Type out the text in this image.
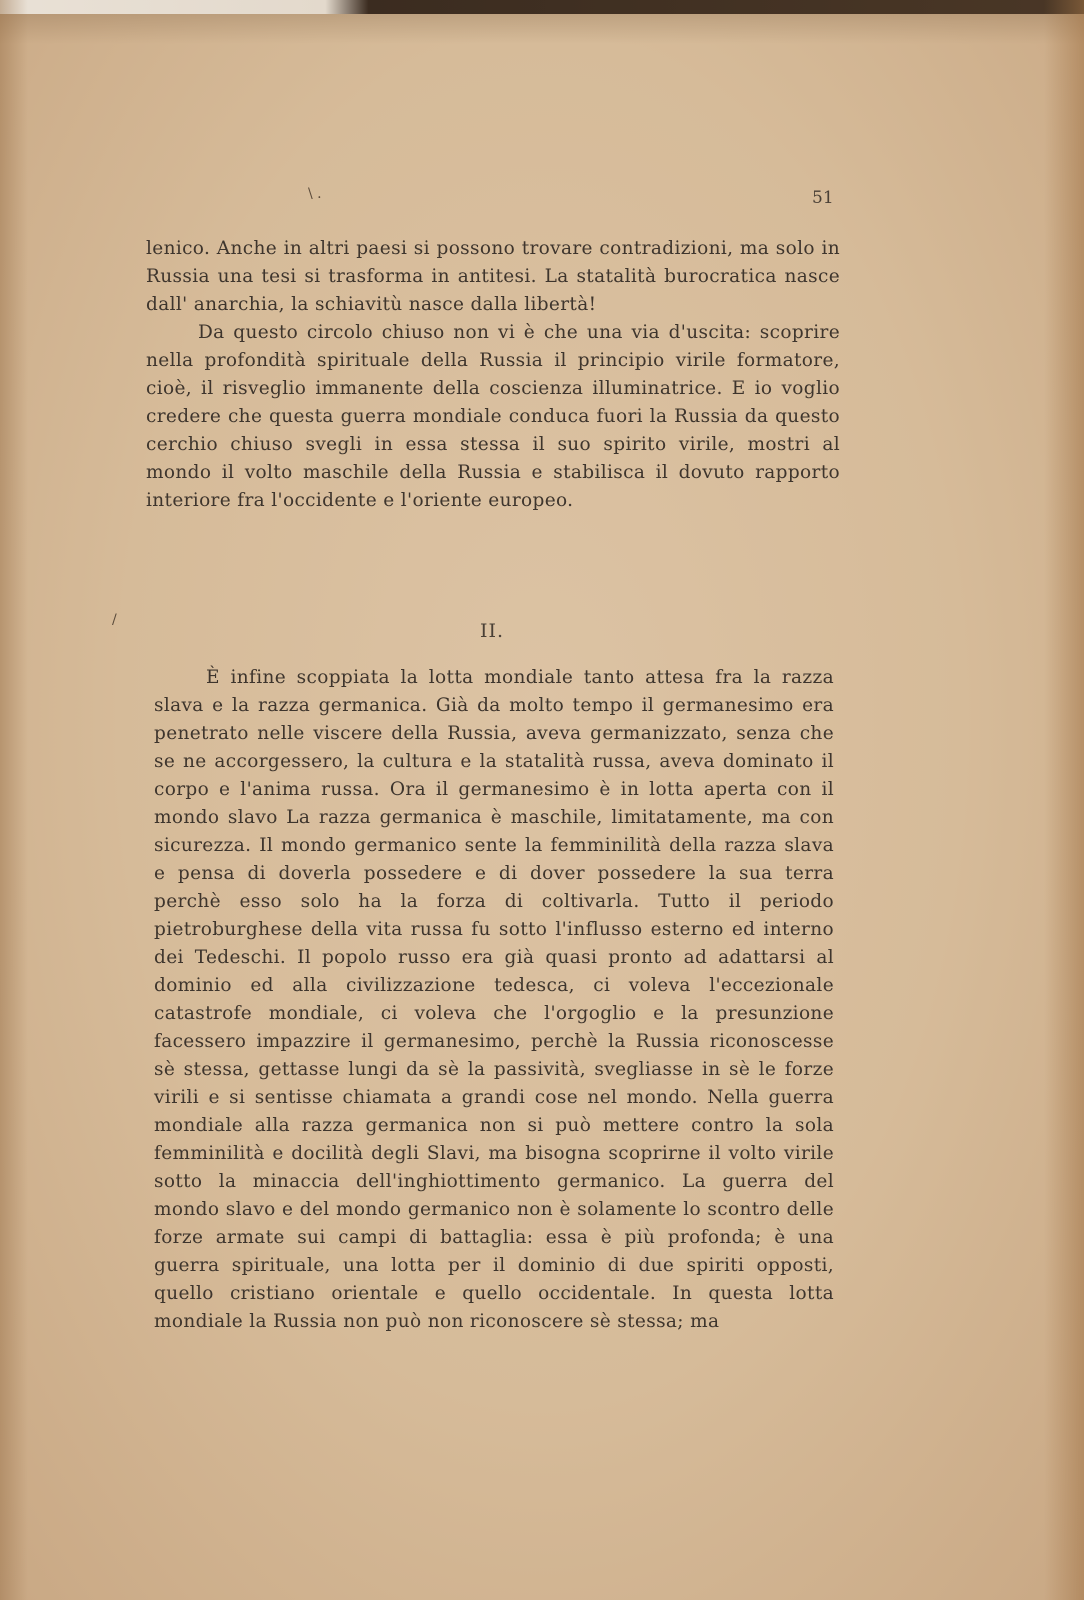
51

lenico. Anche in altri paesi si possono trovare contradizioni, ma solo in Russia una tesi si trasforma in antitesi. La statalità burocratica nasce dall' anarchia, la schiavitù nasce dalla libertà!

Da questo circolo chiuso non vi è che una via d'uscita: scoprire nella profondità spirituale della Russia il principio virile formatore, cioè, il risveglio immanente della coscienza illuminatrice. E io voglio credere che questa guerra mondiale conduca fuori la Russia da questo cerchio chiuso svegli in essa stessa il suo spirito virile, mostri al mondo il volto maschile della Russia e stabilisca il dovuto rapporto interiore fra l'occidente e l'oriente europeo.

II.

È infine scoppiata la lotta mondiale tanto attesa fra la razza slava e la razza germanica. Già da molto tempo il germanesimo era penetrato nelle viscere della Russia, aveva germanizzato, senza che se ne accorgessero, la cultura e la statalità russa, aveva dominato il corpo e l'anima russa. Ora il germanesimo è in lotta aperta con il mondo slavo La razza germanica è maschile, limitatamente, ma con sicurezza. Il mondo germanico sente la femminilità della razza slava e pensa di doverla possedere e di dover possedere la sua terra perchè esso solo ha la forza di coltivarla. Tutto il periodo pietroburghese della vita russa fu sotto l'influsso esterno ed interno dei Tedeschi. Il popolo russo era già quasi pronto ad adattarsi al dominio ed alla civilizzazione tedesca, ci voleva l'eccezionale catastrofe mondiale, ci voleva che l'orgoglio e la presunzione facessero impazzire il germanesimo, perchè la Russia riconoscesse sè stessa, gettasse lungi da sè la passività, svegliasse in sè le forze virili e si sentisse chiamata a grandi cose nel mondo. Nella guerra mondiale alla razza germanica non si può mettere contro la sola femminilità e docilità degli Slavi, ma bisogna scoprirne il volto virile sotto la minaccia dell'inghiottimento germanico. La guerra del mondo slavo e del mondo germanico non è solamente lo scontro delle forze armate sui campi di battaglia: essa è più profonda; è una guerra spirituale, una lotta per il dominio di due spiriti opposti, quello cristiano orientale e quello occidentale. In questa lotta mondiale la Russia non può non riconoscere sè stessa; ma

\ .
/
